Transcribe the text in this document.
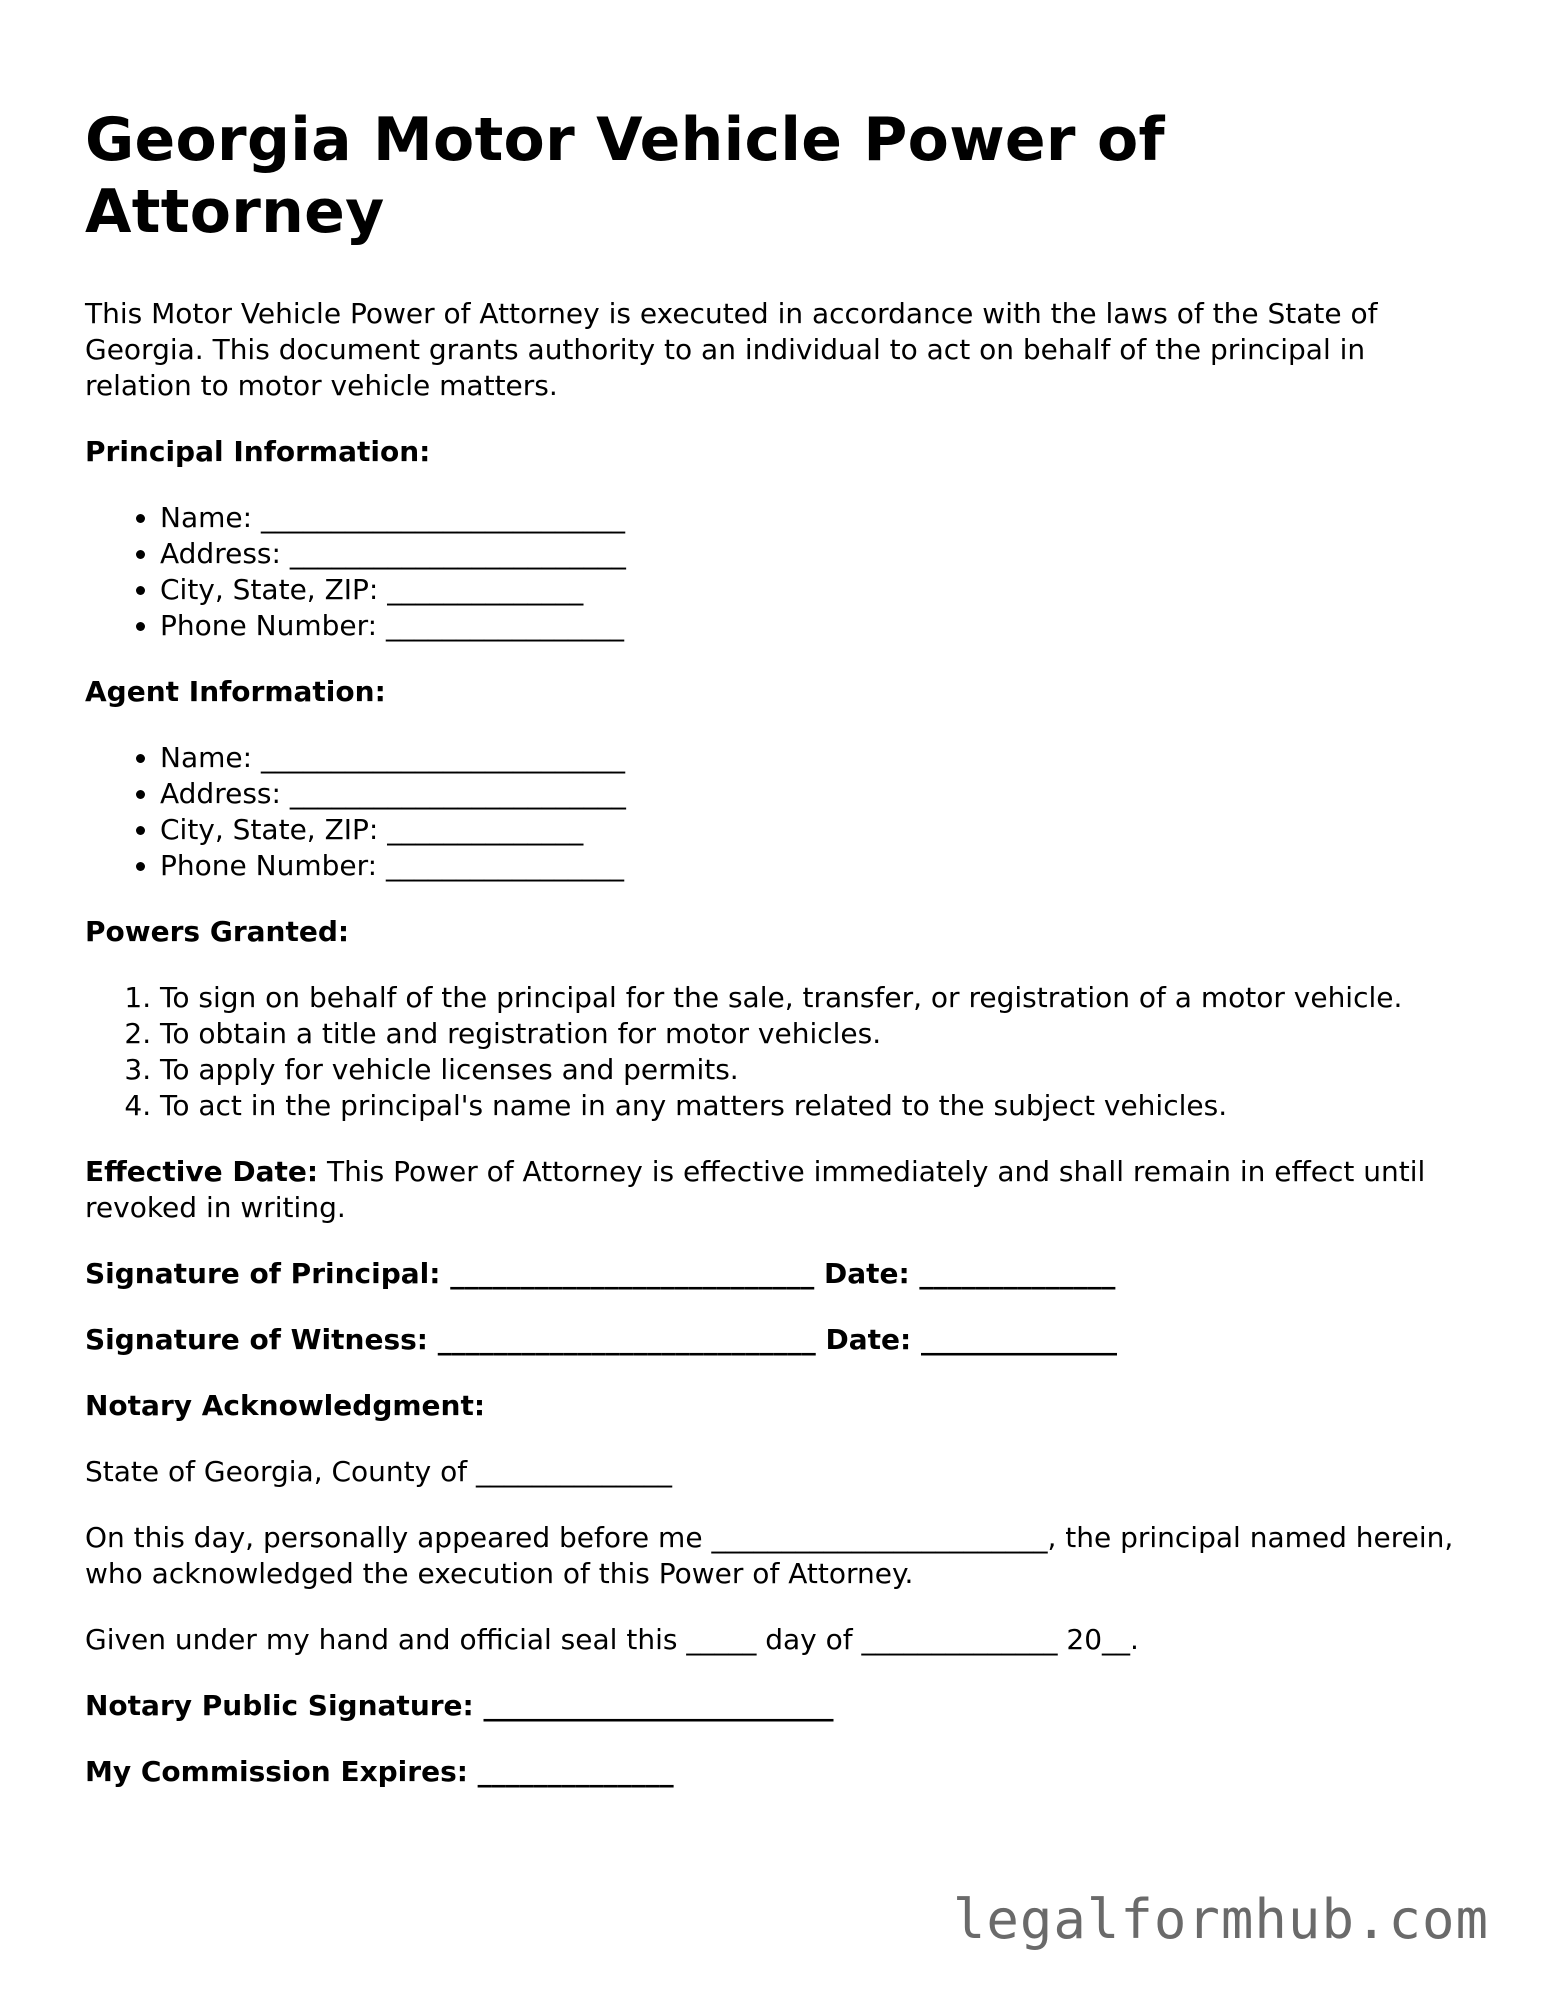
Georgia Motor Vehicle Power of Attorney

This Motor Vehicle Power of Attorney is executed in accordance with the laws of the State of Georgia. This document grants authority to an individual to act on behalf of the principal in relation to motor vehicle matters.

Principal Information:

• Name: __________________________
• Address: ________________________
• City, State, ZIP: ______________
• Phone Number: _________________

Agent Information:

• Name: __________________________
• Address: ________________________
• City, State, ZIP: ______________
• Phone Number: _________________

Powers Granted:

1. To sign on behalf of the principal for the sale, transfer, or registration of a motor vehicle.
2. To obtain a title and registration for motor vehicles.
3. To apply for vehicle licenses and permits.
4. To act in the principal's name in any matters related to the subject vehicles.

Effective Date: This Power of Attorney is effective immediately and shall remain in effect until revoked in writing.

Signature of Principal: __________________________ Date: ______________

Signature of Witness: ___________________________ Date: ______________

Notary Acknowledgment:

State of Georgia, County of ______________

On this day, personally appeared before me ________________________, the principal named herein, who acknowledged the execution of this Power of Attorney.

Given under my hand and official seal this _____ day of ______________ 20__.

Notary Public Signature: _________________________

My Commission Expires: ______________

legalformhub.com
